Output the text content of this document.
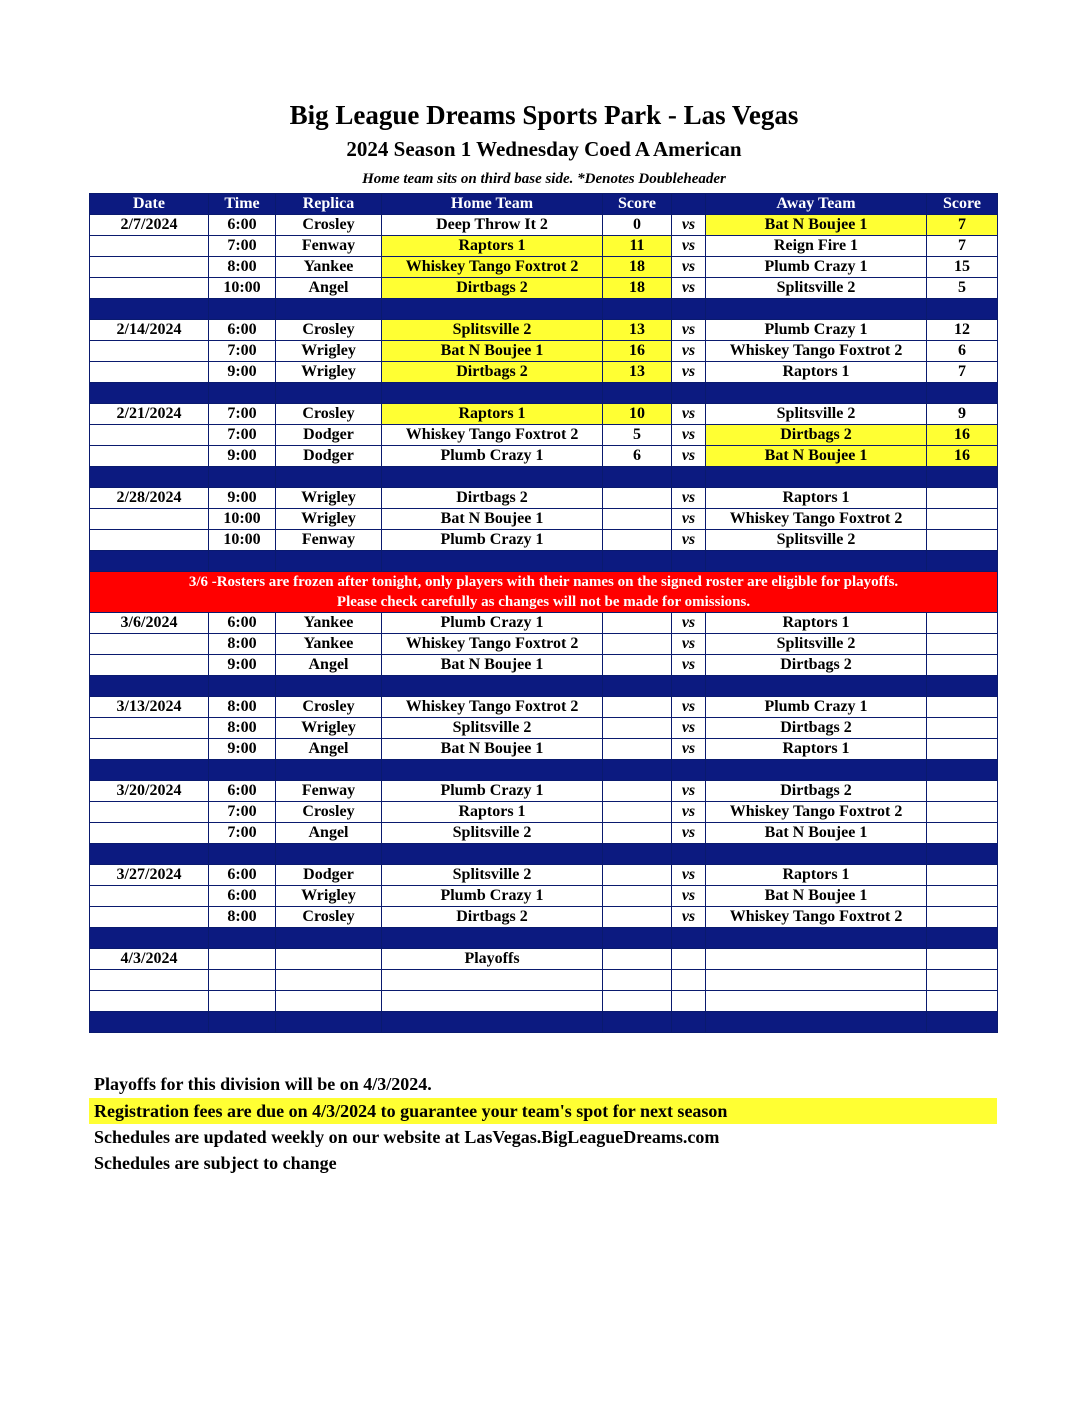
Big League Dreams Sports Park - Las Vegas
2024 Season 1 Wednesday Coed A American
Home team sits on third base side. *Denotes Doubleheader
Date	Time	Replica	Home Team	Score		Away Team	Score
2/7/2024	6:00	Crosley	Deep Throw It 2	0	vs	Bat N Boujee 1	7
	7:00	Fenway	Raptors 1	11	vs	Reign Fire 1	7
	8:00	Yankee	Whiskey Tango Foxtrot 2	18	vs	Plumb Crazy 1	15
	10:00	Angel	Dirtbags 2	18	vs	Splitsville 2	5

2/14/2024	6:00	Crosley	Splitsville 2	13	vs	Plumb Crazy 1	12
	7:00	Wrigley	Bat N Boujee 1	16	vs	Whiskey Tango Foxtrot 2	6
	9:00	Wrigley	Dirtbags 2	13	vs	Raptors 1	7

2/21/2024	7:00	Crosley	Raptors 1	10	vs	Splitsville 2	9
	7:00	Dodger	Whiskey Tango Foxtrot 2	5	vs	Dirtbags 2	16
	9:00	Dodger	Plumb Crazy 1	6	vs	Bat N Boujee 1	16

2/28/2024	9:00	Wrigley	Dirtbags 2		vs	Raptors 1	
	10:00	Wrigley	Bat N Boujee 1		vs	Whiskey Tango Foxtrot 2	
	10:00	Fenway	Plumb Crazy 1		vs	Splitsville 2	

3/6 -Rosters are frozen after tonight, only players with their names on the signed roster are eligible for playoffs.
Please check carefully as changes will not be made for omissions.							

3/6/2024	6:00	Yankee	Plumb Crazy 1		vs	Raptors 1	
	8:00	Yankee	Whiskey Tango Foxtrot 2		vs	Splitsville 2	
	9:00	Angel	Bat N Boujee 1		vs	Dirtbags 2	

3/13/2024	8:00	Crosley	Whiskey Tango Foxtrot 2		vs	Plumb Crazy 1	
	8:00	Wrigley	Splitsville 2		vs	Dirtbags 2	
	9:00	Angel	Bat N Boujee 1		vs	Raptors 1	

3/20/2024	6:00	Fenway	Plumb Crazy 1		vs	Dirtbags 2	
	7:00	Crosley	Raptors 1		vs	Whiskey Tango Foxtrot 2	
	7:00	Angel	Splitsville 2		vs	Bat N Boujee 1	

3/27/2024	6:00	Dodger	Splitsville 2		vs	Raptors 1	
	6:00	Wrigley	Plumb Crazy 1		vs	Bat N Boujee 1	
	8:00	Crosley	Dirtbags 2		vs	Whiskey Tango Foxtrot 2	

4/3/2024			Playoffs				

Playoffs for this division will be on 4/3/2024.
Registration fees are due on 4/3/2024 to guarantee your team's spot for next season
Schedules are updated weekly on our website at LasVegas.BigLeagueDreams.com
Schedules are subject to change
